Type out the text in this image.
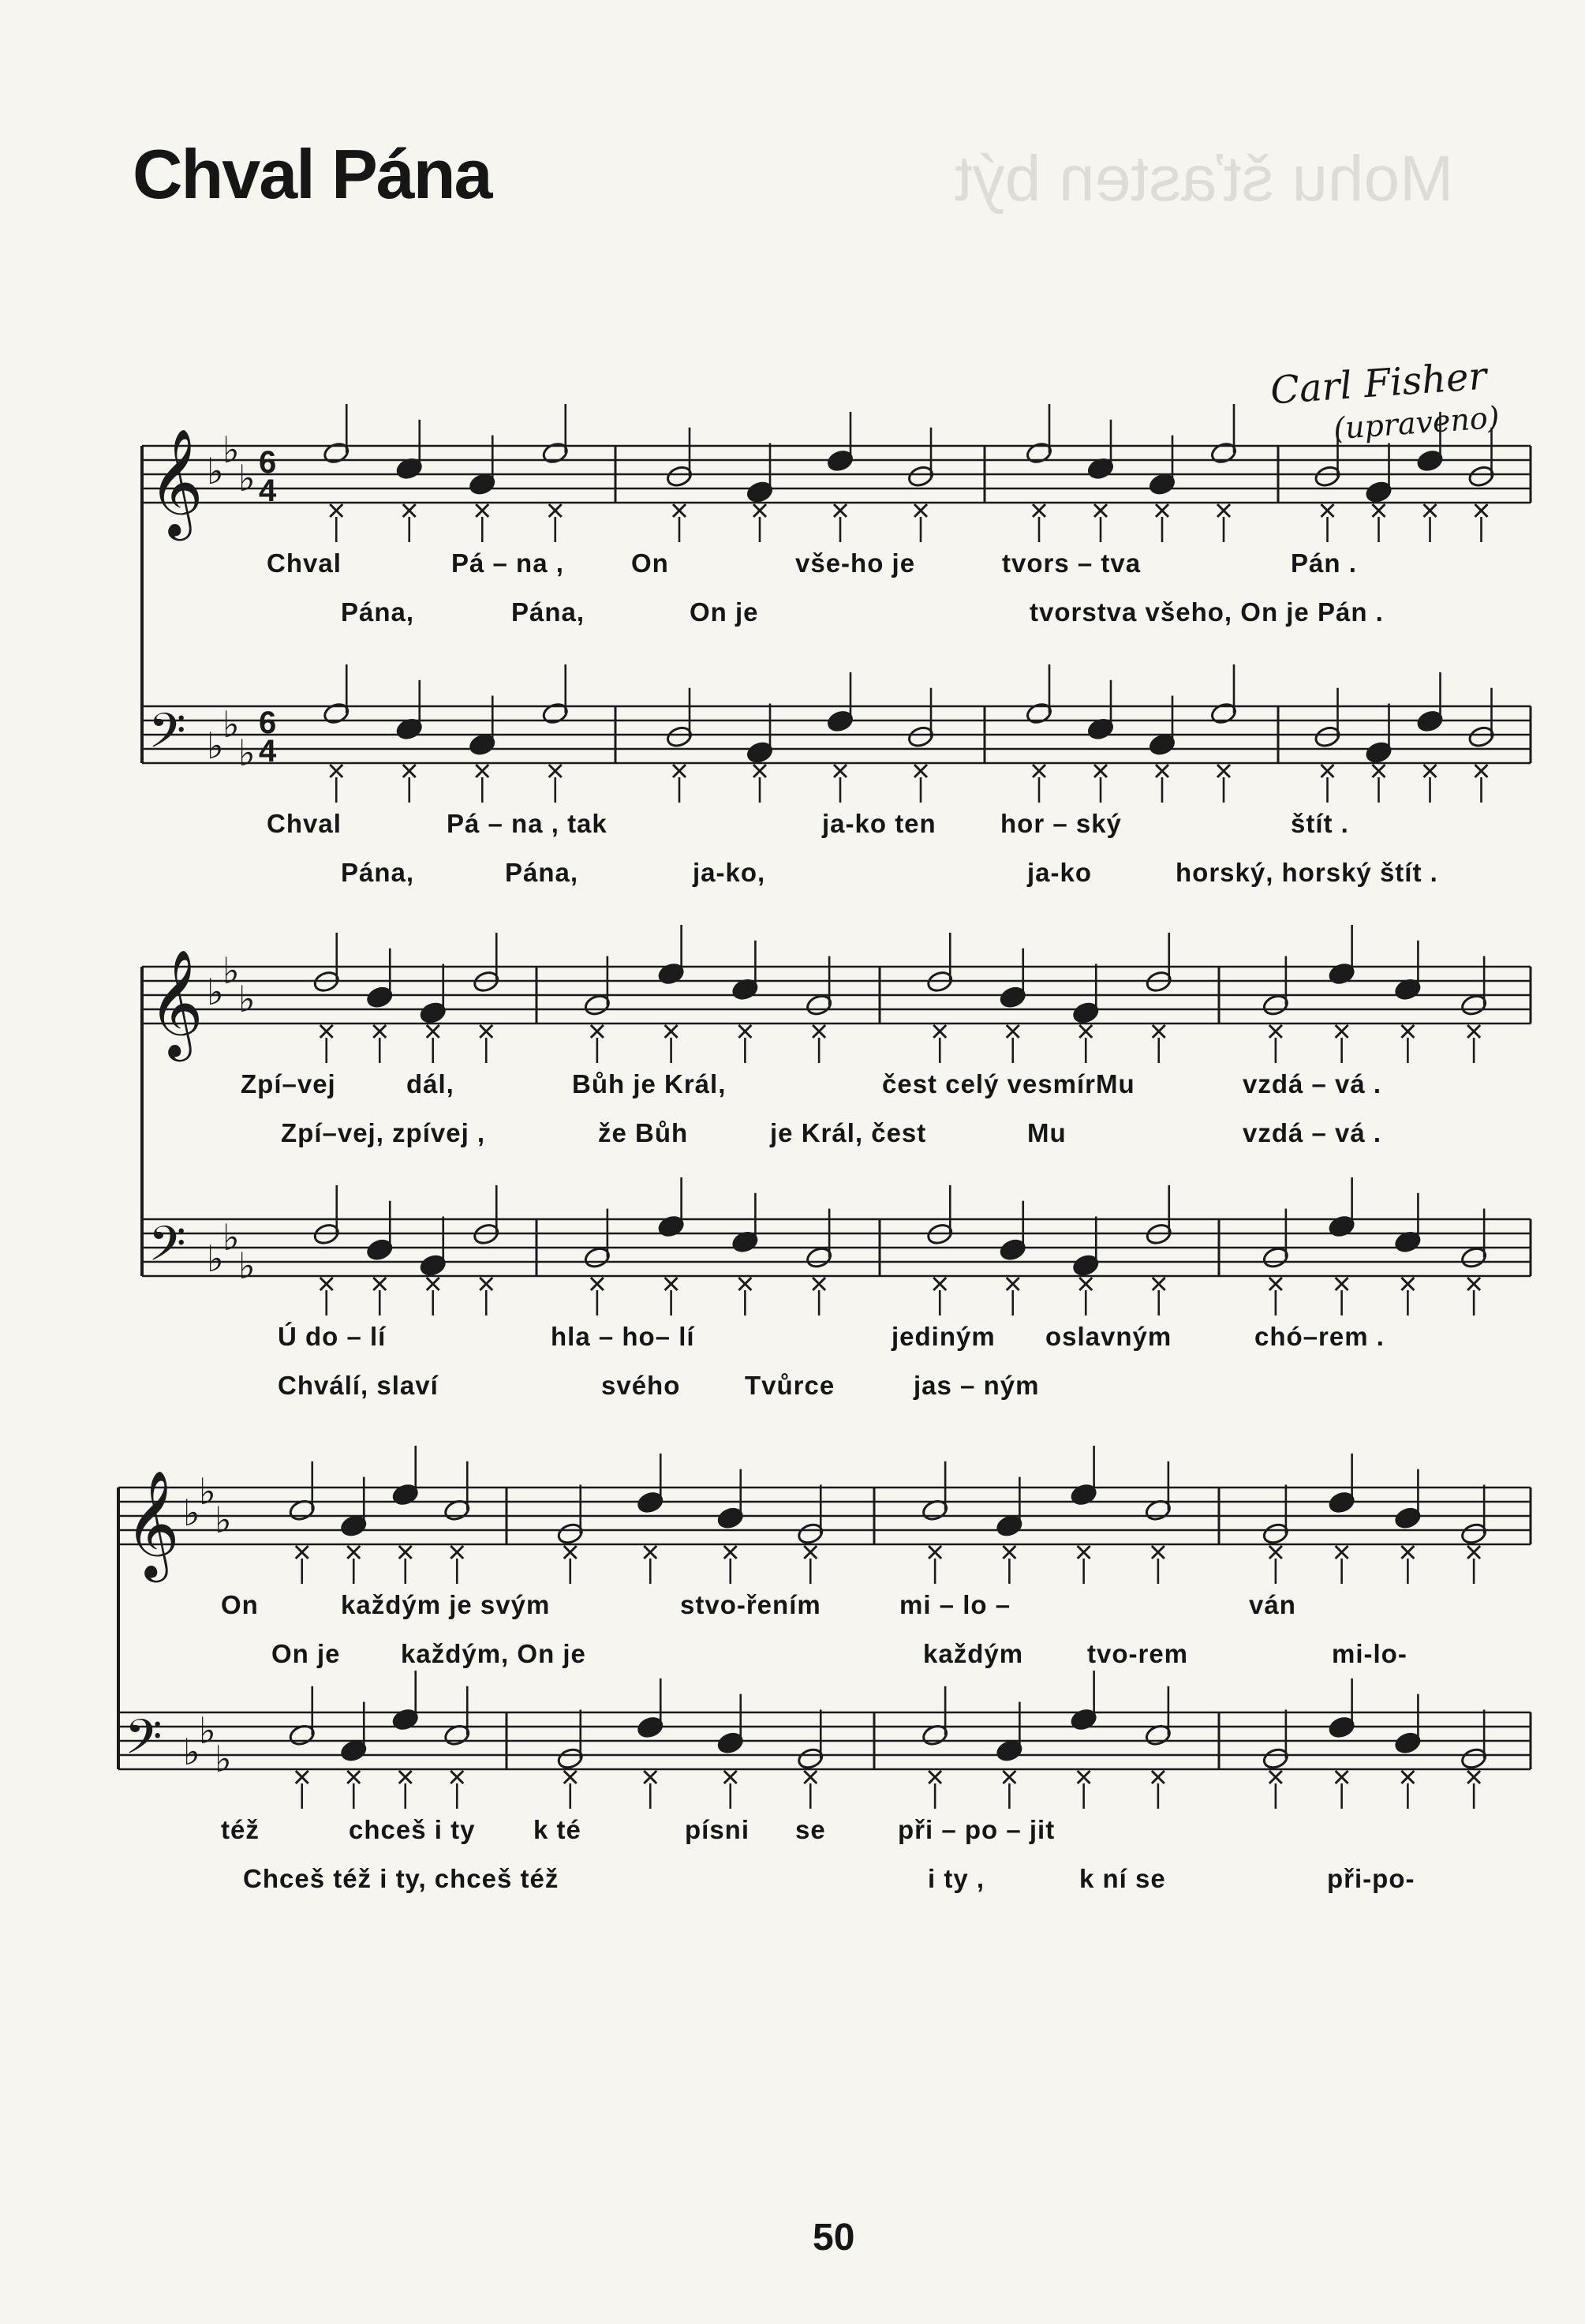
Mohu šťasten být
Chval Pána
Carl Fisher
(upraveno)
𝄞 ♭
♭
♭ 6
4
𝄢 ♭
♭
♭
6
4
𝄞 ♭
♭
♭
𝄢 ♭
♭
♭
𝄞 ♭
♭
♭
𝄢 ♭
♭
♭
Chval	Pá – na ,	On	vše-ho je	tvors – tva	Pán .
Pána,	Pána,	On je	tvorstva všeho, On je Pán .
Chval	Pá – na , tak	ja-ko ten hor – ský	štít .
Pána,	Pána,	ja-ko,	ja-ko	horský, horský štít .
Zpí–vej	dál,	Bůh je Král,	čest celý vesmírMu	vzdá – vá .
Zpí–vej, zpívej ,	že Bůh	je Král, čest	Mu	vzdá – vá .
Ú do – lí	hla – ho– lí	jediným oslavným	chó–rem .
Chválí, slaví	svého Tvůrce	jas – ným
On	každým je svým	stvo-řením	mi – lo –	ván
On je každým, On je	každým tvo-rem	mi-lo-
též	chceš i ty k té	písni se	při – po – jit
Chceš též i ty, chceš též	i ty ,	k ní se	při-po-
50
